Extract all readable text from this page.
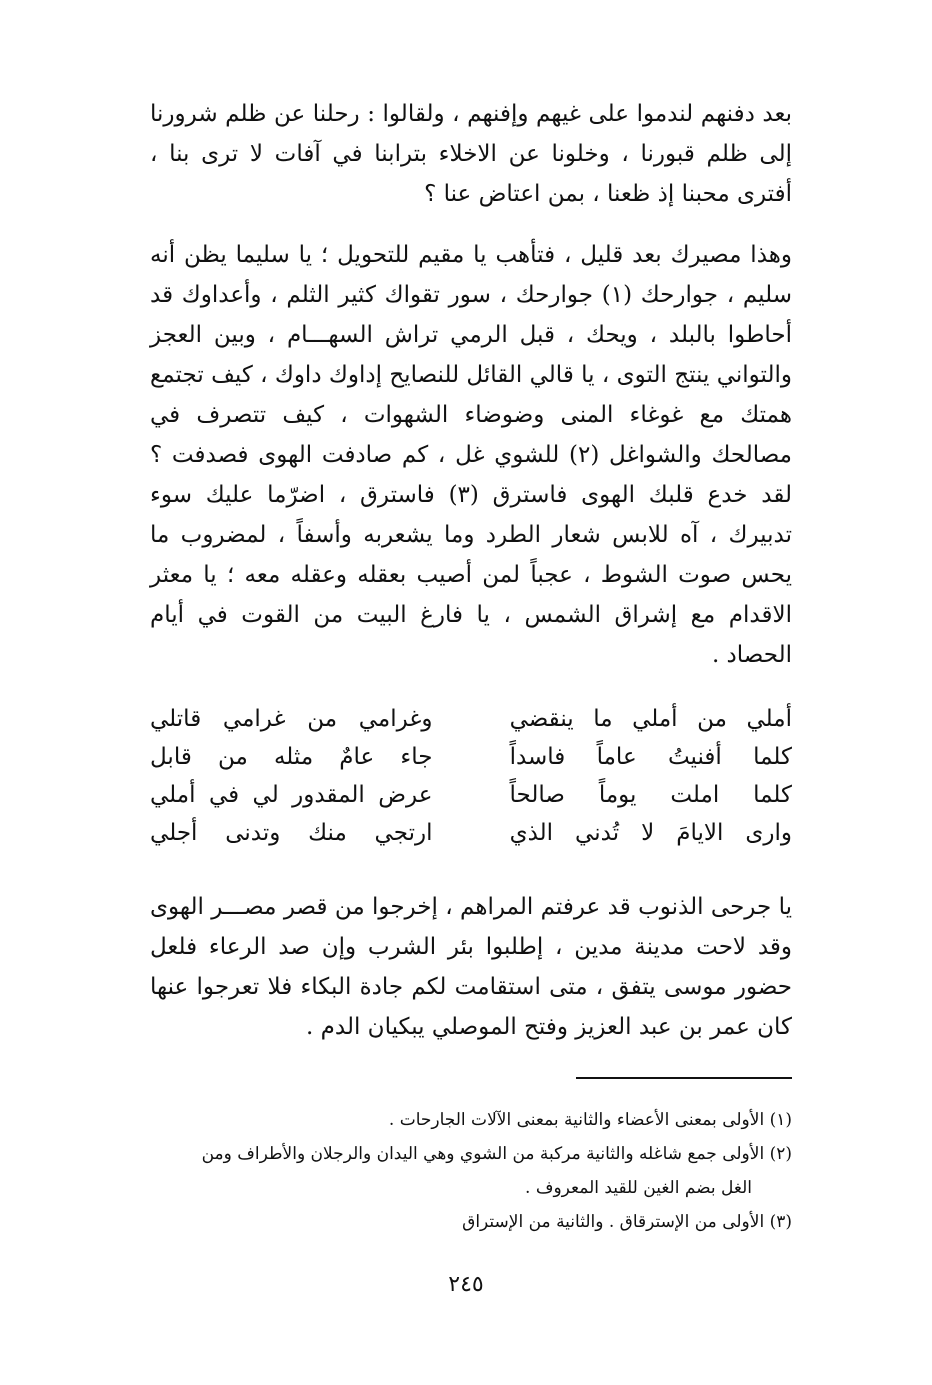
بعد دفنهم لندموا على غيهم وإفنهم ، ولقالوا : رحلنا عن ظلم شرورنا إلى ظلم قبورنا ، وخلونا عن الاخلاء بترابنا في آفات لا ترى بنا ، أفترى محبنا إذ ظعنا ، بمن اعتاض عنا ؟

وهذا مصيرك بعد قليل ، فتأهب يا مقيم للتحويل ؛ يا سليما يظن أنه سليم ، جوارحك (١) جوارحك ، سور تقواك كثير الثلم ، وأعداوك قد أحاطوا بالبلد ، ويحك ، قبل الرمي تراش السهـــام ، وبين العجز والتواني ينتج التوى ، يا قالي القائل للنصايح إداوك داوك ، كيف تجتمع همتك مع غوغاء المنى وضوضاء الشهوات ، كيف تتصرف في مصالحك والشواغل (٢) للشوي غل ، كم صادفت الهوى فصدفت ؟ لقد خدع قلبك الهوى فاسترق (٣) فاسترق ، اضرّما عليك سوء تدبيرك ، آه للابس شعار الطرد وما يشعربه وأسفاً ، لمضروب ما يحس صوت الشوط ، عجباً لمن أصيب بعقله وعقله معه ؛ يا معثر الاقدام مع إشراق الشمس ، يا فارغ البيت من القوت في أيام الحصاد .

أملي
من
أملي
ما
ينقضي
وغرامي
من
غرامي
قاتلي
كلما
أفنيتُ
عاماً
فاسداً
جاء
عامٌ
مثله
من
قابل
كلما
املت
يوماً
صالحاً
عرض
المقدور
لي
في
أملي
وارى
الايامَ
لا
تُدني
الذي
ارتجي
منك
وتدنى
أجلي

يا جرحى الذنوب قد عرفتم المراهم ، إخرجوا من قصر مصـــر الهوى وقد لاحت مدينة مدين ، إطلبوا بئر الشرب وإن صد الرعاء فلعل حضور موسى يتفق ، متى استقامت لكم جادة البكاء فلا تعرجوا عنها كان عمر بن عبد العزيز وفتح الموصلي يبكيان الدم .

(١) الأولى بمعنى الأعضاء والثانية بمعنى الآلات الجارحات .

(٢) الأولى جمع شاغله والثانية مركبة من الشوي وهي اليدان والرجلان والأطراف ومن

الغل بضم الغين للقيد المعروف .

(٣) الأولى من الإسترقاق . والثانية من الإستراق

٢٤٥
